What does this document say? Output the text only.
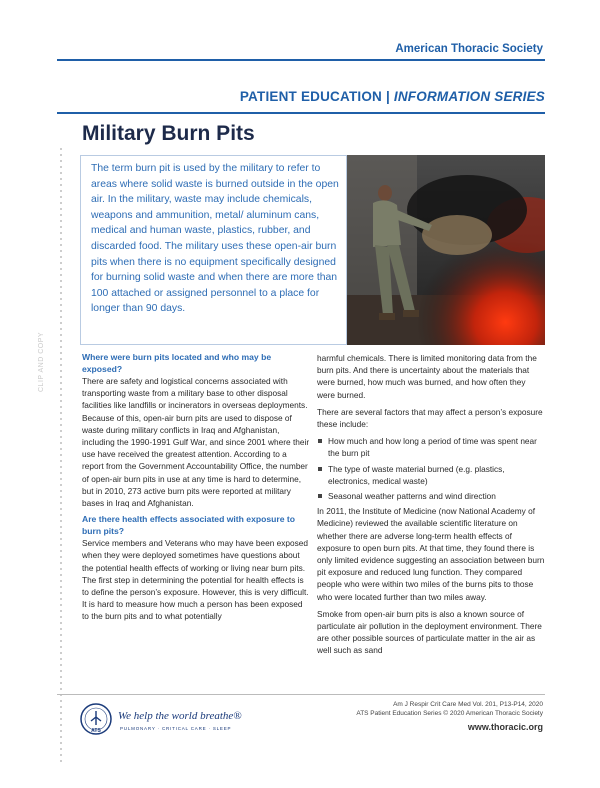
American Thoracic Society
PATIENT EDUCATION | INFORMATION SERIES
Military Burn Pits
CLIP AND COPY

The term burn pit is used by the military to refer to areas where solid waste is burned outside in the open air. In the military, waste may include chemicals, weapons and ammunition, metal/ aluminum cans, medical and human waste, plastics, rubber, and discarded food. The military uses these open-air burn pits when there is no equipment specifically designed for burning solid waste and when there are more than 100 attached or assigned personnel to a place for longer than 90 days.

Where were burn pits located and who may be exposed?

There are safety and logistical concerns associated with transporting waste from a military base to other disposal facilities like landfills or incinerators in overseas deployments. Because of this, open-air burn pits are used to dispose of waste during military conflicts in Iraq and Afghanistan, including the 1990-1991 Gulf War, and since 2001 where their use have received the greatest attention. According to a report from the Government Accountability Office, the number of open-air burn pits in use at any time is hard to determine, but in 2010, 273 active burn pits were reported at military bases in Iraq and Afghanistan.

Are there health effects associated with exposure to burn pits?

Service members and Veterans who may have been exposed when they were deployed sometimes have questions about the potential health effects of working or living near burn pits. The first step in determining the potential for health effects is to define the person’s exposure. However, this is very difficult. It is hard to measure how much a person has been exposed to the burn pits and to what potentially

harmful chemicals. There is limited monitoring data from the burn pits. And there is uncertainty about the materials that were burned, how much was burned, and how often they were burned.

There are several factors that may affect a person’s exposure these include:

How much and how long a period of time was spent near the burn pit
The type of waste material burned (e.g. plastics, electronics, medical waste)
Seasonal weather patterns and wind direction

In 2011, the Institute of Medicine (now National Academy of Medicine) reviewed the available scientific literature on whether there are adverse long-term health effects of exposure to open burn pits. At that time, they found there is only limited evidence suggesting an association between burn pit exposure and reduced lung function. They compared people who were within two miles of the burns pits to those who were located further than two miles away.

Smoke from open-air burn pits is also a known source of particulate air pollution in the deployment environment. There are other possible sources of particulate matter in the air as well such as sand

ATS
We help the world breathe®
PULMONARY · CRITICAL CARE · SLEEP
Am J Respir Crit Care Med Vol. 201, P13-P14, 2020
ATS Patient Education Series © 2020 American Thoracic Society
www.thoracic.org
